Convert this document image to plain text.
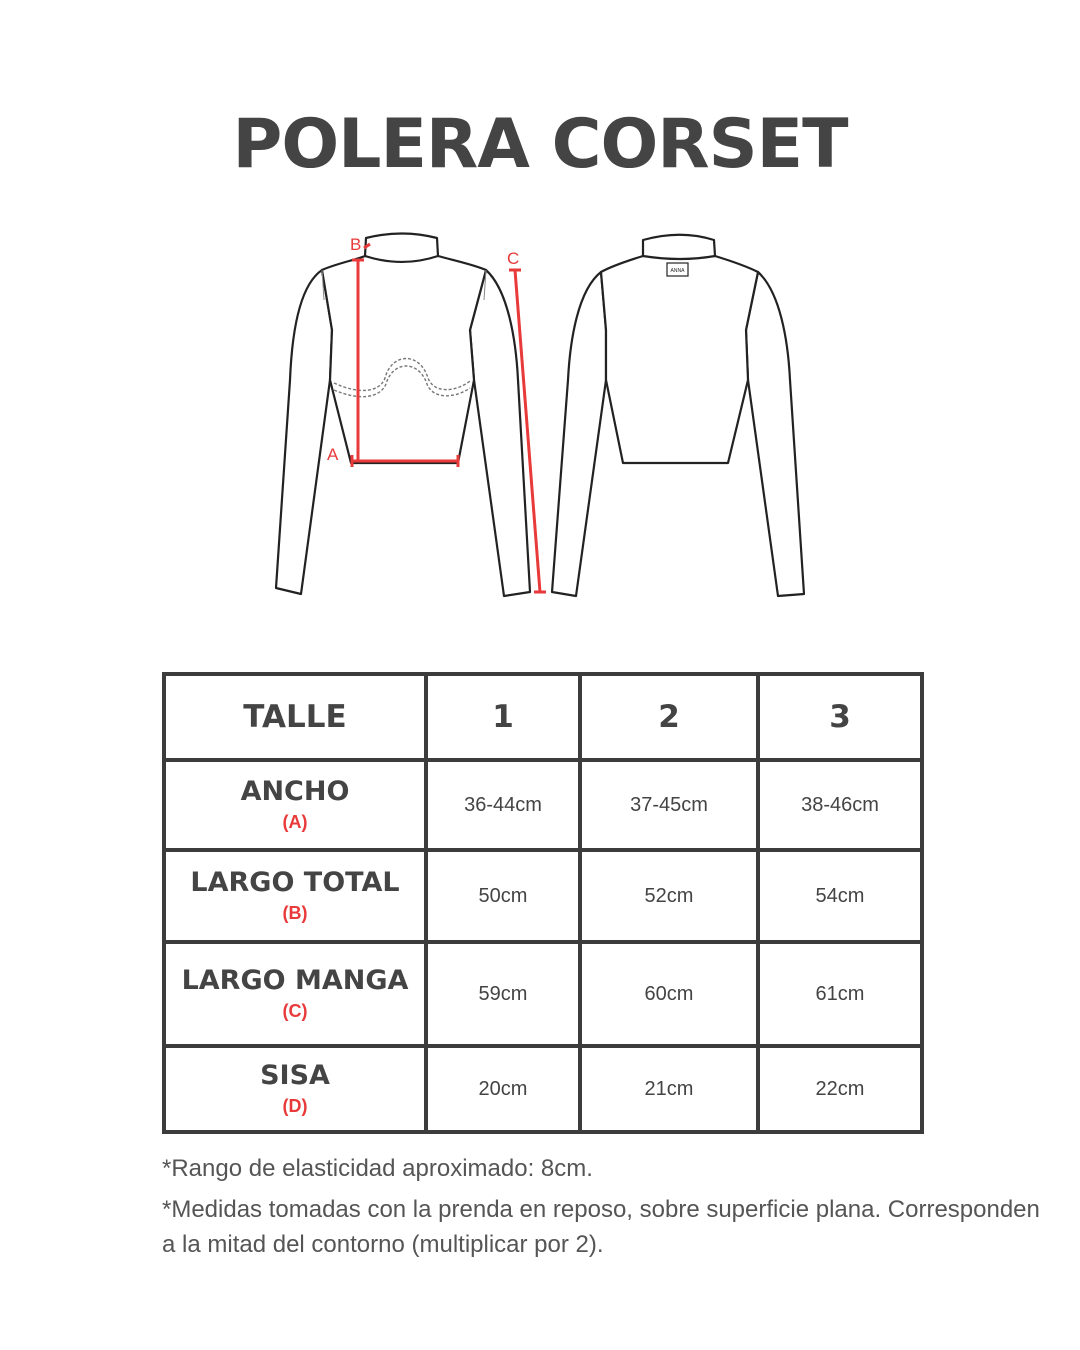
POLERA CORSET
B
A
C
ANNA
TALLE	1	2	3

ANCHO
(A)	36-44cm	37-45cm	38-46cm

LARGO TOTAL
(B)	50cm	52cm	54cm

LARGO MANGA
(C)	59cm	60cm	61cm

SISA
(D)	20cm	21cm	22cm

*Rango de elasticidad aproximado: 8cm.

*Medidas tomadas con la prenda en reposo, sobre superficie plana. Corresponden a la mitad del contorno (multiplicar por 2).
